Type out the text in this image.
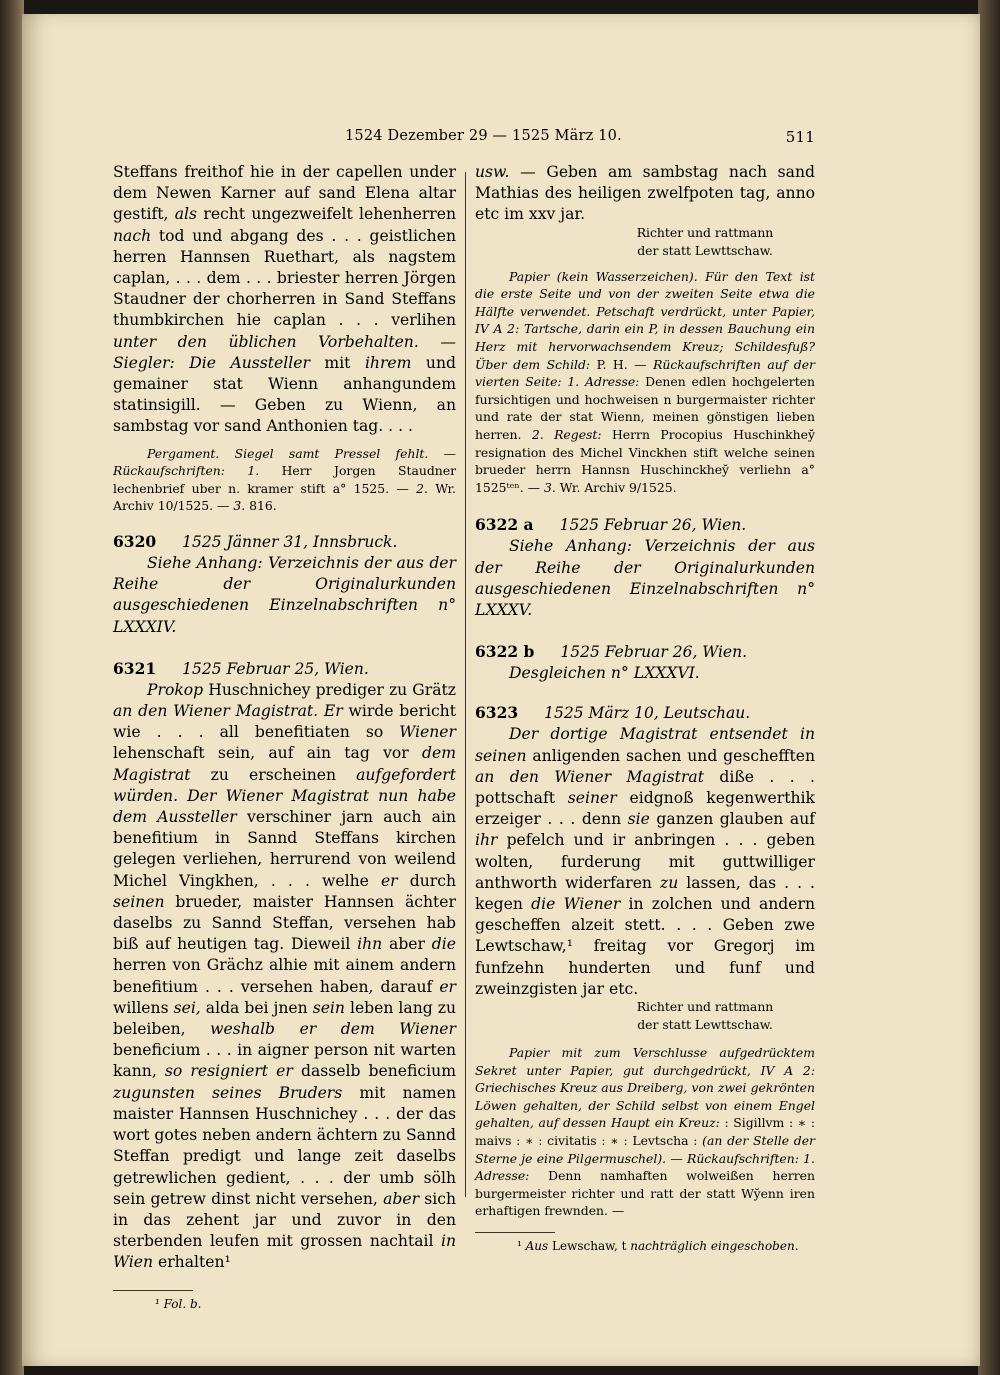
1524 Dezember 29 — 1525 März 10.	511

Steffans freithof hie in der capellen under dem Newen Karner auf sand Elena altar gestift, als recht ungezweifelt lehenherren nach tod und abgang des . . . geistlichen herren Hannsen Ruethart, als nagstem caplan, . . . dem . . . briester herren Jörgen Staudner der chorherren in Sand Steffans thumbkirchen hie caplan . . . verlihen unter den üblichen Vorbehalten. — Siegler: Die Aussteller mit ihrem und gemainer stat Wienn anhangundem statinsigill. — Geben zu Wienn, an sambstag vor sand Anthonien tag. . . .

Pergament. Siegel samt Pressel fehlt. — Rückaufschriften: 1. Herr Jorgen Staudner lechenbrief uber n. kramer stift a° 1525. — 2. Wr. Archiv 10/1525. — 3. 816.

6320 1525 Jänner 31, Innsbruck.

Siehe Anhang: Verzeichnis der aus der Reihe der Originalurkunden ausgeschiedenen Einzelnabschriften n° LXXXIV.

6321 1525 Februar 25, Wien.

Prokop Huschnichey prediger zu Grätz an den Wiener Magistrat. Er wirde bericht wie . . . all benefitiaten so Wiener lehenschaft sein, auf ain tag vor dem Magistrat zu erscheinen aufgefordert würden. Der Wiener Magistrat nun habe dem Aussteller verschiner jarn auch ain benefitium in Sannd Steffans kirchen gelegen verliehen, herrurend von weilend Michel Vingkhen, . . . welhe er durch seinen brueder, maister Hannsen ächter daselbs zu Sannd Steffan, versehen hab biß auf heutigen tag. Dieweil ihn aber die herren von Grächz alhie mit ainem andern benefitium . . . versehen haben, darauf er willens sei, alda bei jnen sein leben lang zu beleiben, weshalb er dem Wiener beneficium . . . in aigner person nit warten kann, so resigniert er dasselb beneficium zugunsten seines Bruders mit namen maister Hannsen Huschnichey . . . der das wort gotes neben andern ächtern zu Sannd Steffan predigt und lange zeit daselbs getrewlichen gedient, . . . der umb sölh sein getrew dinst nicht versehen, aber sich in das zehent jar und zuvor in den sterbenden leufen mit grossen nachtail in Wien erhalten¹

¹ Fol. b.

usw. — Geben am sambstag nach sand Mathias des heiligen zwelfpoten tag, anno etc im xxv jar.

Richter und rattmann
der statt Lewttschaw.

Papier (kein Wasserzeichen). Für den Text ist die erste Seite und von der zweiten Seite etwa die Hälfte verwendet. Petschaft verdrückt, unter Papier, IV A 2: Tartsche, darin ein P, in dessen Bauchung ein Herz mit hervorwachsendem Kreuz; Schildesfuß? Über dem Schild: P. H. — Rückaufschriften auf der vierten Seite: 1. Adresse: Denen edlen hochgelerten fursichtigen und hochweisen n burgermaister richter und rate der stat Wienn, meinen gönstigen lieben herren. 2. Regest: Herrn Procopius Huschinkhey̆ resignation des Michel Vinckhen stift welche seinen brueder herrn Hannsn Huschinckhey̆ verliehn a° 1525ᵗᵉⁿ. — 3. Wr. Archiv 9/1525.

6322 a 1525 Februar 26, Wien.

Siehe Anhang: Verzeichnis der aus der Reihe der Originalurkunden ausgeschiedenen Einzelnabschriften n° LXXXV.

6322 b 1525 Februar 26, Wien.

Desgleichen n° LXXXVI.

6323 1525 März 10, Leutschau.

Der dortige Magistrat entsendet in seinen anligenden sachen und geschefften an den Wiener Magistrat diße . . . pottschaft seiner eidgnoß kegenwerthik erzeiger . . . denn sie ganzen glauben auf ihr pefelch und ir anbringen . . . geben wolten, furderung mit guttwilliger anthworth widerfaren zu lassen, das . . . kegen die Wiener in zolchen und andern gescheffen alzeit stett. . . . Geben zwe Lewtschaw,¹ freitag vor Gregorj im funfzehn hunderten und funf und zweinzgisten jar etc.

Richter und rattmann
der statt Lewttschaw.

Papier mit zum Verschlusse aufgedrücktem Sekret unter Papier, gut durchgedrückt, IV A 2: Griechisches Kreuz aus Dreiberg, von zwei gekrönten Löwen gehalten, der Schild selbst von einem Engel gehalten, auf dessen Haupt ein Kreuz: : Sigillvm : ∗ : maivs : ∗ : civitatis : ∗ : Levtscha : (an der Stelle der Sterne je eine Pilgermuschel). — Rückaufschriften: 1. Adresse: Denn namhaften wolweißen herren burgermeister richter und ratt der statt Wy̆enn iren erhaftigen frewnden. —

¹ Aus Lewschaw, t nachträglich eingeschoben.
